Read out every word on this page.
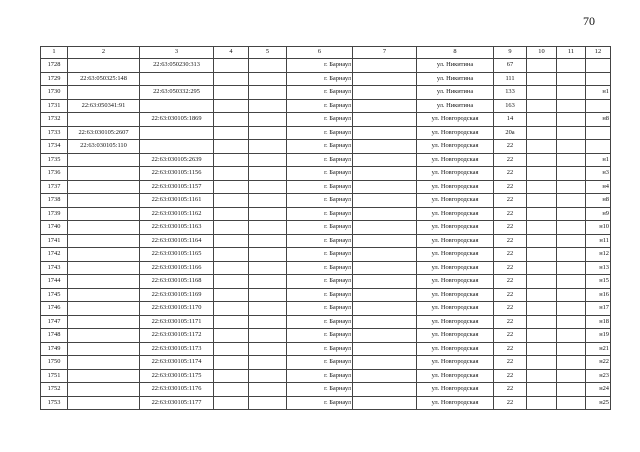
70
1	2	3	4	5	6	7	8	9	10	11	12
1728		22:63:050230:313			г. Барнаул		ул. Никитина	67			
1729	22:63:050325:148				г. Барнаул		ул. Никитина	111			
1730		22:63:050332:295			г. Барнаул		ул. Никитина	133			н1
1731	22:63:050341:91				г. Барнаул		ул. Никитина	163			
1732		22:63:030105:1869			г. Барнаул		ул. Новгородская	14			н8
1733	22:63:030105:2607				г. Барнаул		ул. Новгородская	20а			
1734	22:63:030105:110				г. Барнаул		ул. Новгородская	22			
1735		22:63:030105:2639			г. Барнаул		ул. Новгородская	22			н1
1736		22:63:030105:1156			г. Барнаул		ул. Новгородская	22			н3
1737		22:63:030105:1157			г. Барнаул		ул. Новгородская	22			н4
1738		22:63:030105:1161			г. Барнаул		ул. Новгородская	22			н8
1739		22:63:030105:1162			г. Барнаул		ул. Новгородская	22			н9
1740		22:63:030105:1163			г. Барнаул		ул. Новгородская	22			н10
1741		22:63:030105:1164			г. Барнаул		ул. Новгородская	22			н11
1742		22:63:030105:1165			г. Барнаул		ул. Новгородская	22			н12
1743		22:63:030105:1166			г. Барнаул		ул. Новгородская	22			н13
1744		22:63:030105:1168			г. Барнаул		ул. Новгородская	22			н15
1745		22:63:030105:1169			г. Барнаул		ул. Новгородская	22			н16
1746		22:63:030105:1170			г. Барнаул		ул. Новгородская	22			н17
1747		22:63:030105:1171			г. Барнаул		ул. Новгородская	22			н18
1748		22:63:030105:1172			г. Барнаул		ул. Новгородская	22			н19
1749		22:63:030105:1173			г. Барнаул		ул. Новгородская	22			н21
1750		22:63:030105:1174			г. Барнаул		ул. Новгородская	22			н22
1751		22:63:030105:1175			г. Барнаул		ул. Новгородская	22			н23
1752		22:63:030105:1176			г. Барнаул		ул. Новгородская	22			н24
1753		22:63:030105:1177			г. Барнаул		ул. Новгородская	22			н25
